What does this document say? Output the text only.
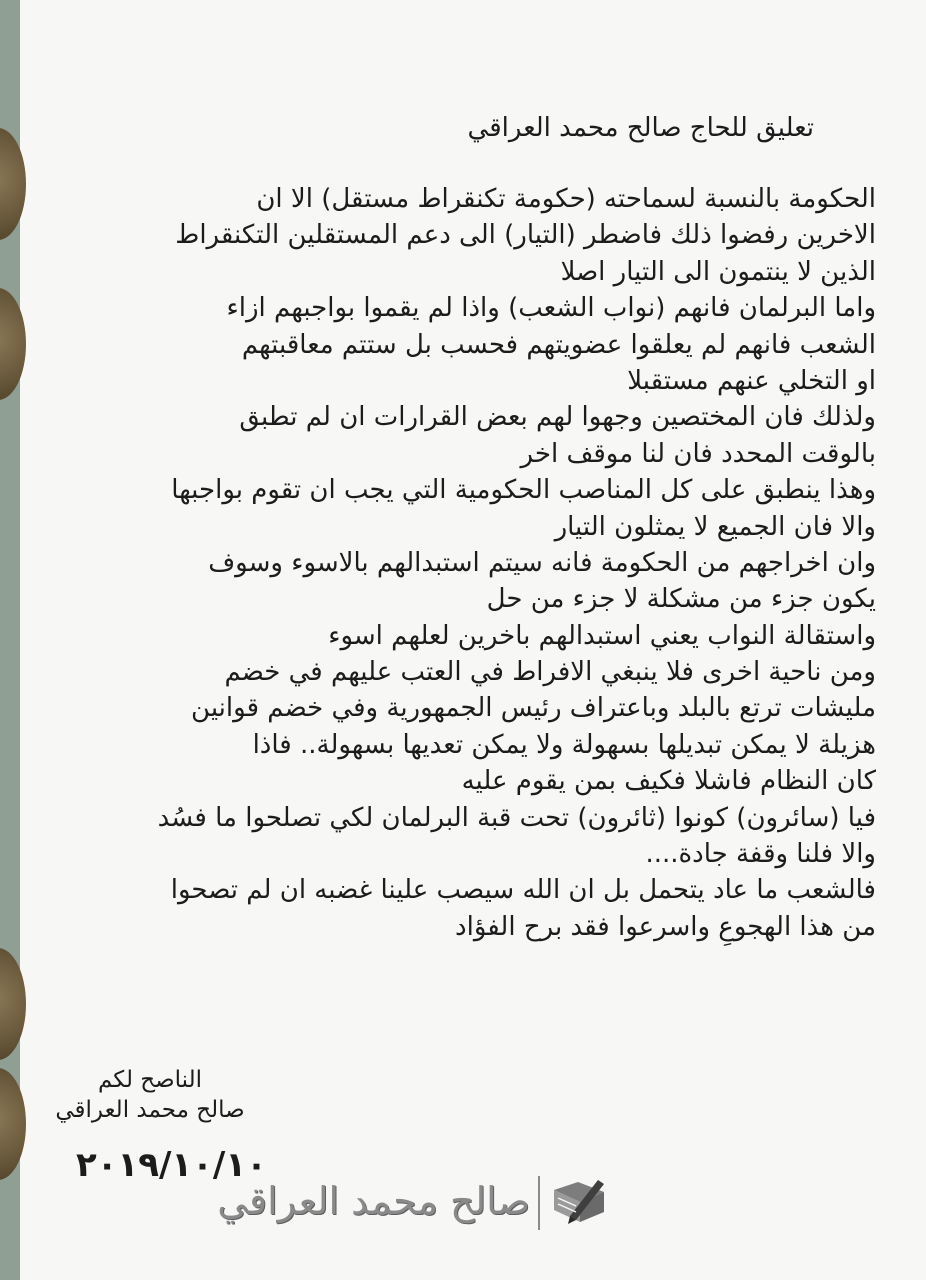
تعليق للحاج صالح محمد العراقي
الحكومة بالنسبة لسماحته (حكومة تكنقراط مستقل) الا ان
الاخرين رفضوا ذلك فاضطر (التيار) الى دعم المستقلين التكنقراط
الذين لا ينتمون الى التيار اصلا
واما البرلمان فانهم (نواب الشعب) واذا لم يقموا بواجبهم ازاء
الشعب فانهم لم يعلقوا عضويتهم فحسب بل ستتم معاقبتهم
او التخلي عنهم مستقبلا
ولذلك فان المختصين وجهوا لهم بعض القرارات ان لم تطبق
بالوقت المحدد فان لنا موقف اخر
وهذا ينطبق على كل المناصب الحكومية التي يجب ان تقوم بواجبها
والا فان الجميع لا يمثلون التيار
وان اخراجهم من الحكومة فانه سيتم استبدالهم بالاسوء وسوف
يكون جزء من مشكلة لا جزء من حل
واستقالة النواب يعني استبدالهم باخرين لعلهم اسوء
ومن ناحية اخرى فلا ينبغي الافراط في العتب عليهم في خضم
مليشات ترتع بالبلد وباعتراف رئيس الجمهورية وفي خضم قوانين
هزيلة لا يمكن تبديلها بسهولة ولا يمكن تعديها بسهولة.. فاذا
كان النظام فاشلا فكيف بمن يقوم عليه
فيا (سائرون) كونوا (ثائرون) تحت قبة البرلمان لكي تصلحوا ما فسُد
والا فلنا وقفة جادة....
فالشعب ما عاد يتحمل بل ان الله سيصب علينا غضبه ان لم تصحوا
من هذا الهجوعِ واسرعوا فقد برح الفؤاد
الناصح لكم
صالح محمد العراقي
٢٠١٩/١٠/١٠
صالح محمد العراقي
